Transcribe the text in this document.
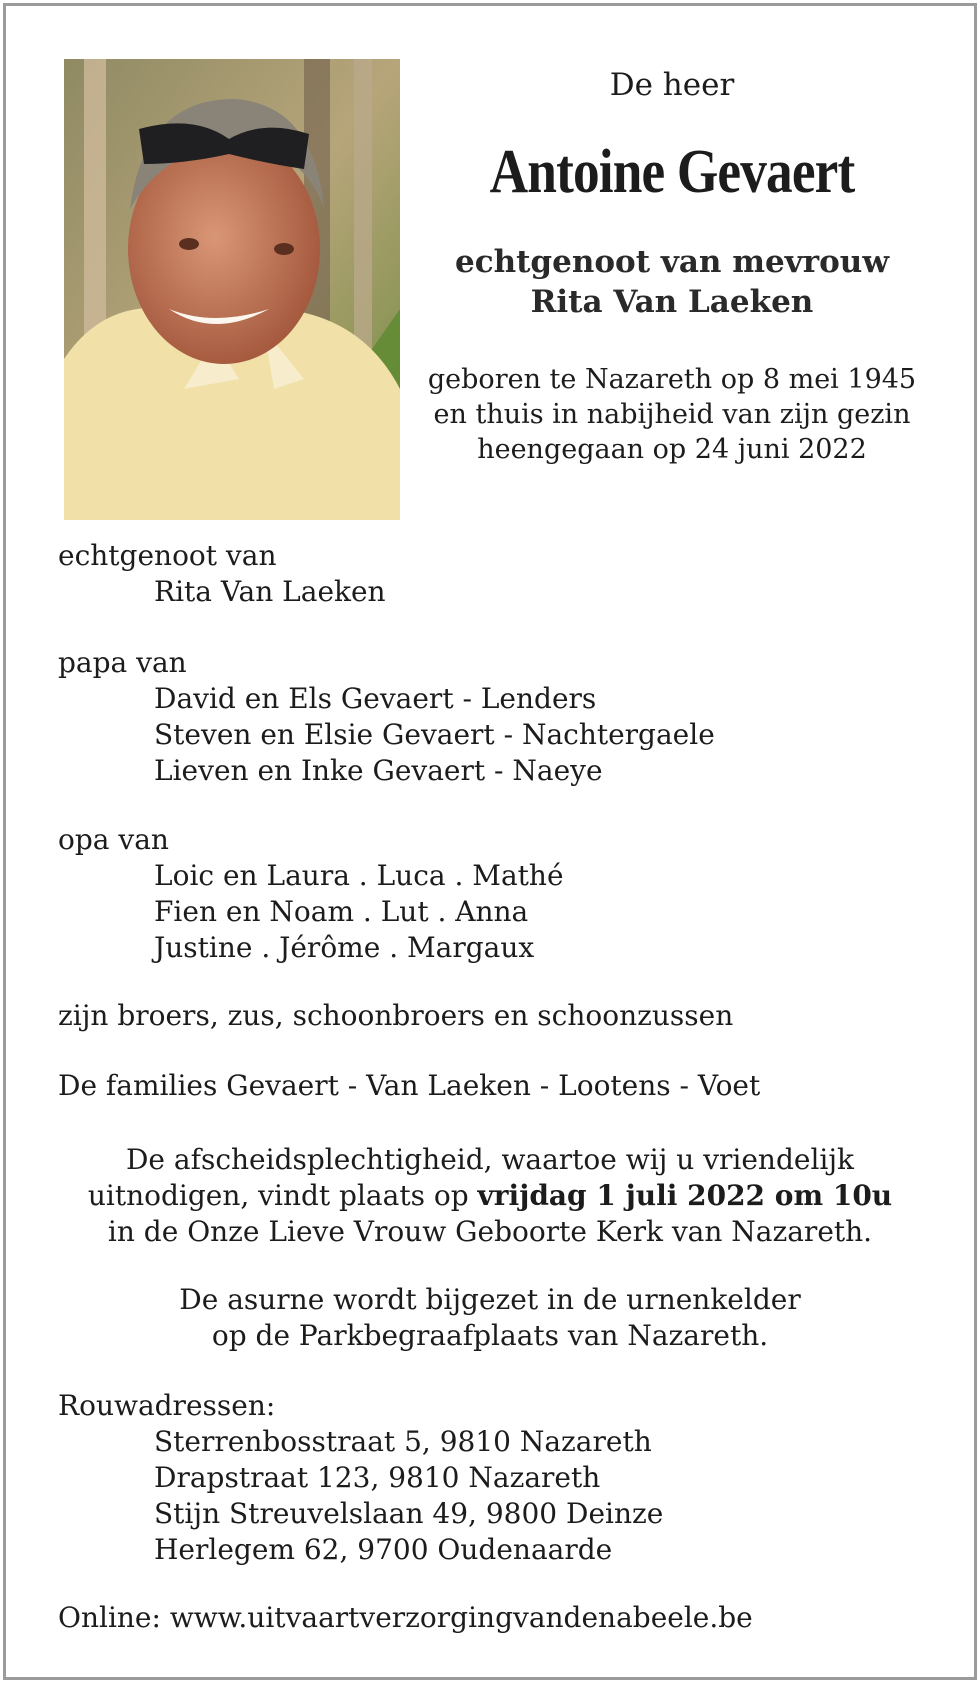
De heer
Antoine Gevaert
echtgenoot van mevrouw
Rita Van Laeken
geboren te Nazareth op 8 mei 1945
en thuis in nabijheid van zijn gezin
heengegaan op 24 juni 2022
echtgenoot van
Rita Van Laeken
papa van
David en Els Gevaert - Lenders
Steven en Elsie Gevaert - Nachtergaele
Lieven en Inke Gevaert - Naeye
opa van
Loic en Laura . Luca . Mathé
Fien en Noam . Lut . Anna
Justine . Jérôme . Margaux
zijn broers, zus, schoonbroers en schoonzussen
De families Gevaert - Van Laeken - Lootens - Voet
De afscheidsplechtigheid, waartoe wij u vriendelijk
uitnodigen, vindt plaats op vrijdag 1 juli 2022 om 10u
in de Onze Lieve Vrouw Geboorte Kerk van Nazareth.
De asurne wordt bijgezet in de urnenkelder
op de Parkbegraafplaats van Nazareth.
Rouwadressen:
Sterrenbosstraat 5, 9810 Nazareth
Drapstraat 123, 9810 Nazareth
Stijn Streuvelslaan 49, 9800 Deinze
Herlegem 62, 9700 Oudenaarde
Online: www.uitvaartverzorgingvandenabeele.be
